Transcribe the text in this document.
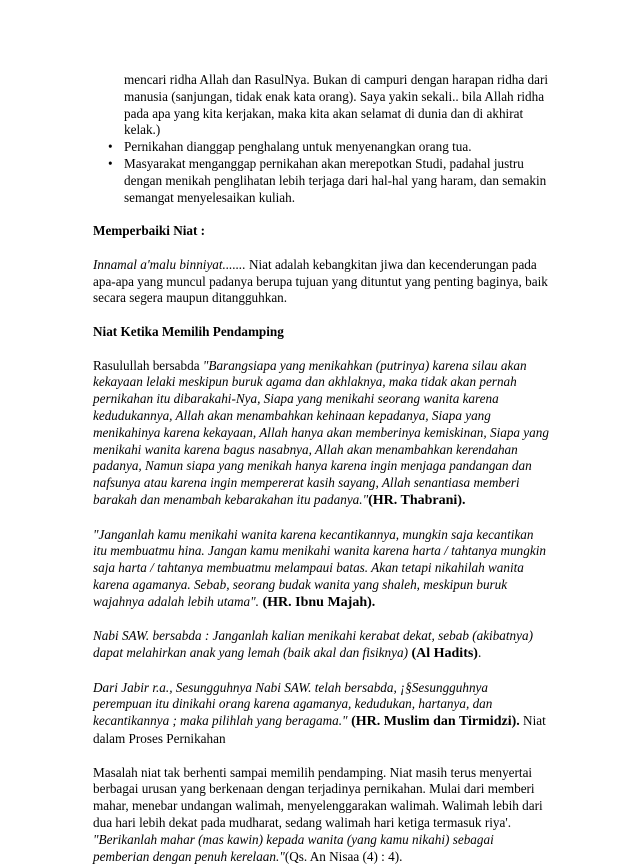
mencari ridha Allah dan RasulNya. Bukan di campuri dengan harapan ridha dari manusia (sanjungan, tidak enak kata orang). Saya yakin sekali.. bila Allah ridha pada apa yang kita kerjakan, maka kita akan selamat di dunia dan di akhirat kelak.)

• Pernikahan dianggap penghalang untuk menyenangkan orang tua.
• Masyarakat menganggap pernikahan akan merepotkan Studi, padahal justru dengan menikah penglihatan lebih terjaga dari hal-hal yang haram, dan semakin semangat menyelesaikan kuliah.

Memperbaiki Niat :

Innamal a'malu binniyat....... Niat adalah kebangkitan jiwa dan kecenderungan pada apa-apa yang muncul padanya berupa tujuan yang dituntut yang penting baginya, baik secara segera maupun ditangguhkan.

Niat Ketika Memilih Pendamping

Rasulullah bersabda "Barangsiapa yang menikahkan (putrinya) karena silau akan kekayaan lelaki meskipun buruk agama dan akhlaknya, maka tidak akan pernah pernikahan itu dibarakahi-Nya, Siapa yang menikahi seorang wanita karena kedudukannya, Allah akan menambahkan kehinaan kepadanya, Siapa yang menikahinya karena kekayaan, Allah hanya akan memberinya kemiskinan, Siapa yang menikahi wanita karena bagus nasabnya, Allah akan menambahkan kerendahan padanya, Namun siapa yang menikah hanya karena ingin menjaga pandangan dan nafsunya atau karena ingin mempererat kasih sayang, Allah senantiasa memberi barakah dan menambah kebarakahan itu padanya."(HR. Thabrani).

"Janganlah kamu menikahi wanita karena kecantikannya, mungkin saja kecantikan itu membuatmu hina. Jangan kamu menikahi wanita karena harta / tahtanya mungkin saja harta / tahtanya membuatmu melampaui batas. Akan tetapi nikahilah wanita karena agamanya. Sebab, seorang budak wanita yang shaleh, meskipun buruk wajahnya adalah lebih utama". (HR. Ibnu Majah).

Nabi SAW. bersabda : Janganlah kalian menikahi kerabat dekat, sebab (akibatnya) dapat melahirkan anak yang lemah (baik akal dan fisiknya) (Al Hadits).

Dari Jabir r.a., Sesungguhnya Nabi SAW. telah bersabda, ¡§Sesungguhnya perempuan itu dinikahi orang karena agamanya, kedudukan, hartanya, dan kecantikannya ; maka pilihlah yang beragama." (HR. Muslim dan Tirmidzi). Niat dalam Proses Pernikahan

Masalah niat tak berhenti sampai memilih pendamping. Niat masih terus menyertai berbagai urusan yang berkenaan dengan terjadinya pernikahan. Mulai dari memberi mahar, menebar undangan walimah, menyelenggarakan walimah. Walimah lebih dari dua hari lebih dekat pada mudharat, sedang walimah hari ketiga termasuk riya'. "Berikanlah mahar (mas kawin) kepada wanita (yang kamu nikahi) sebagai pemberian dengan penuh kerelaan."(Qs. An Nisaa (4) : 4).
